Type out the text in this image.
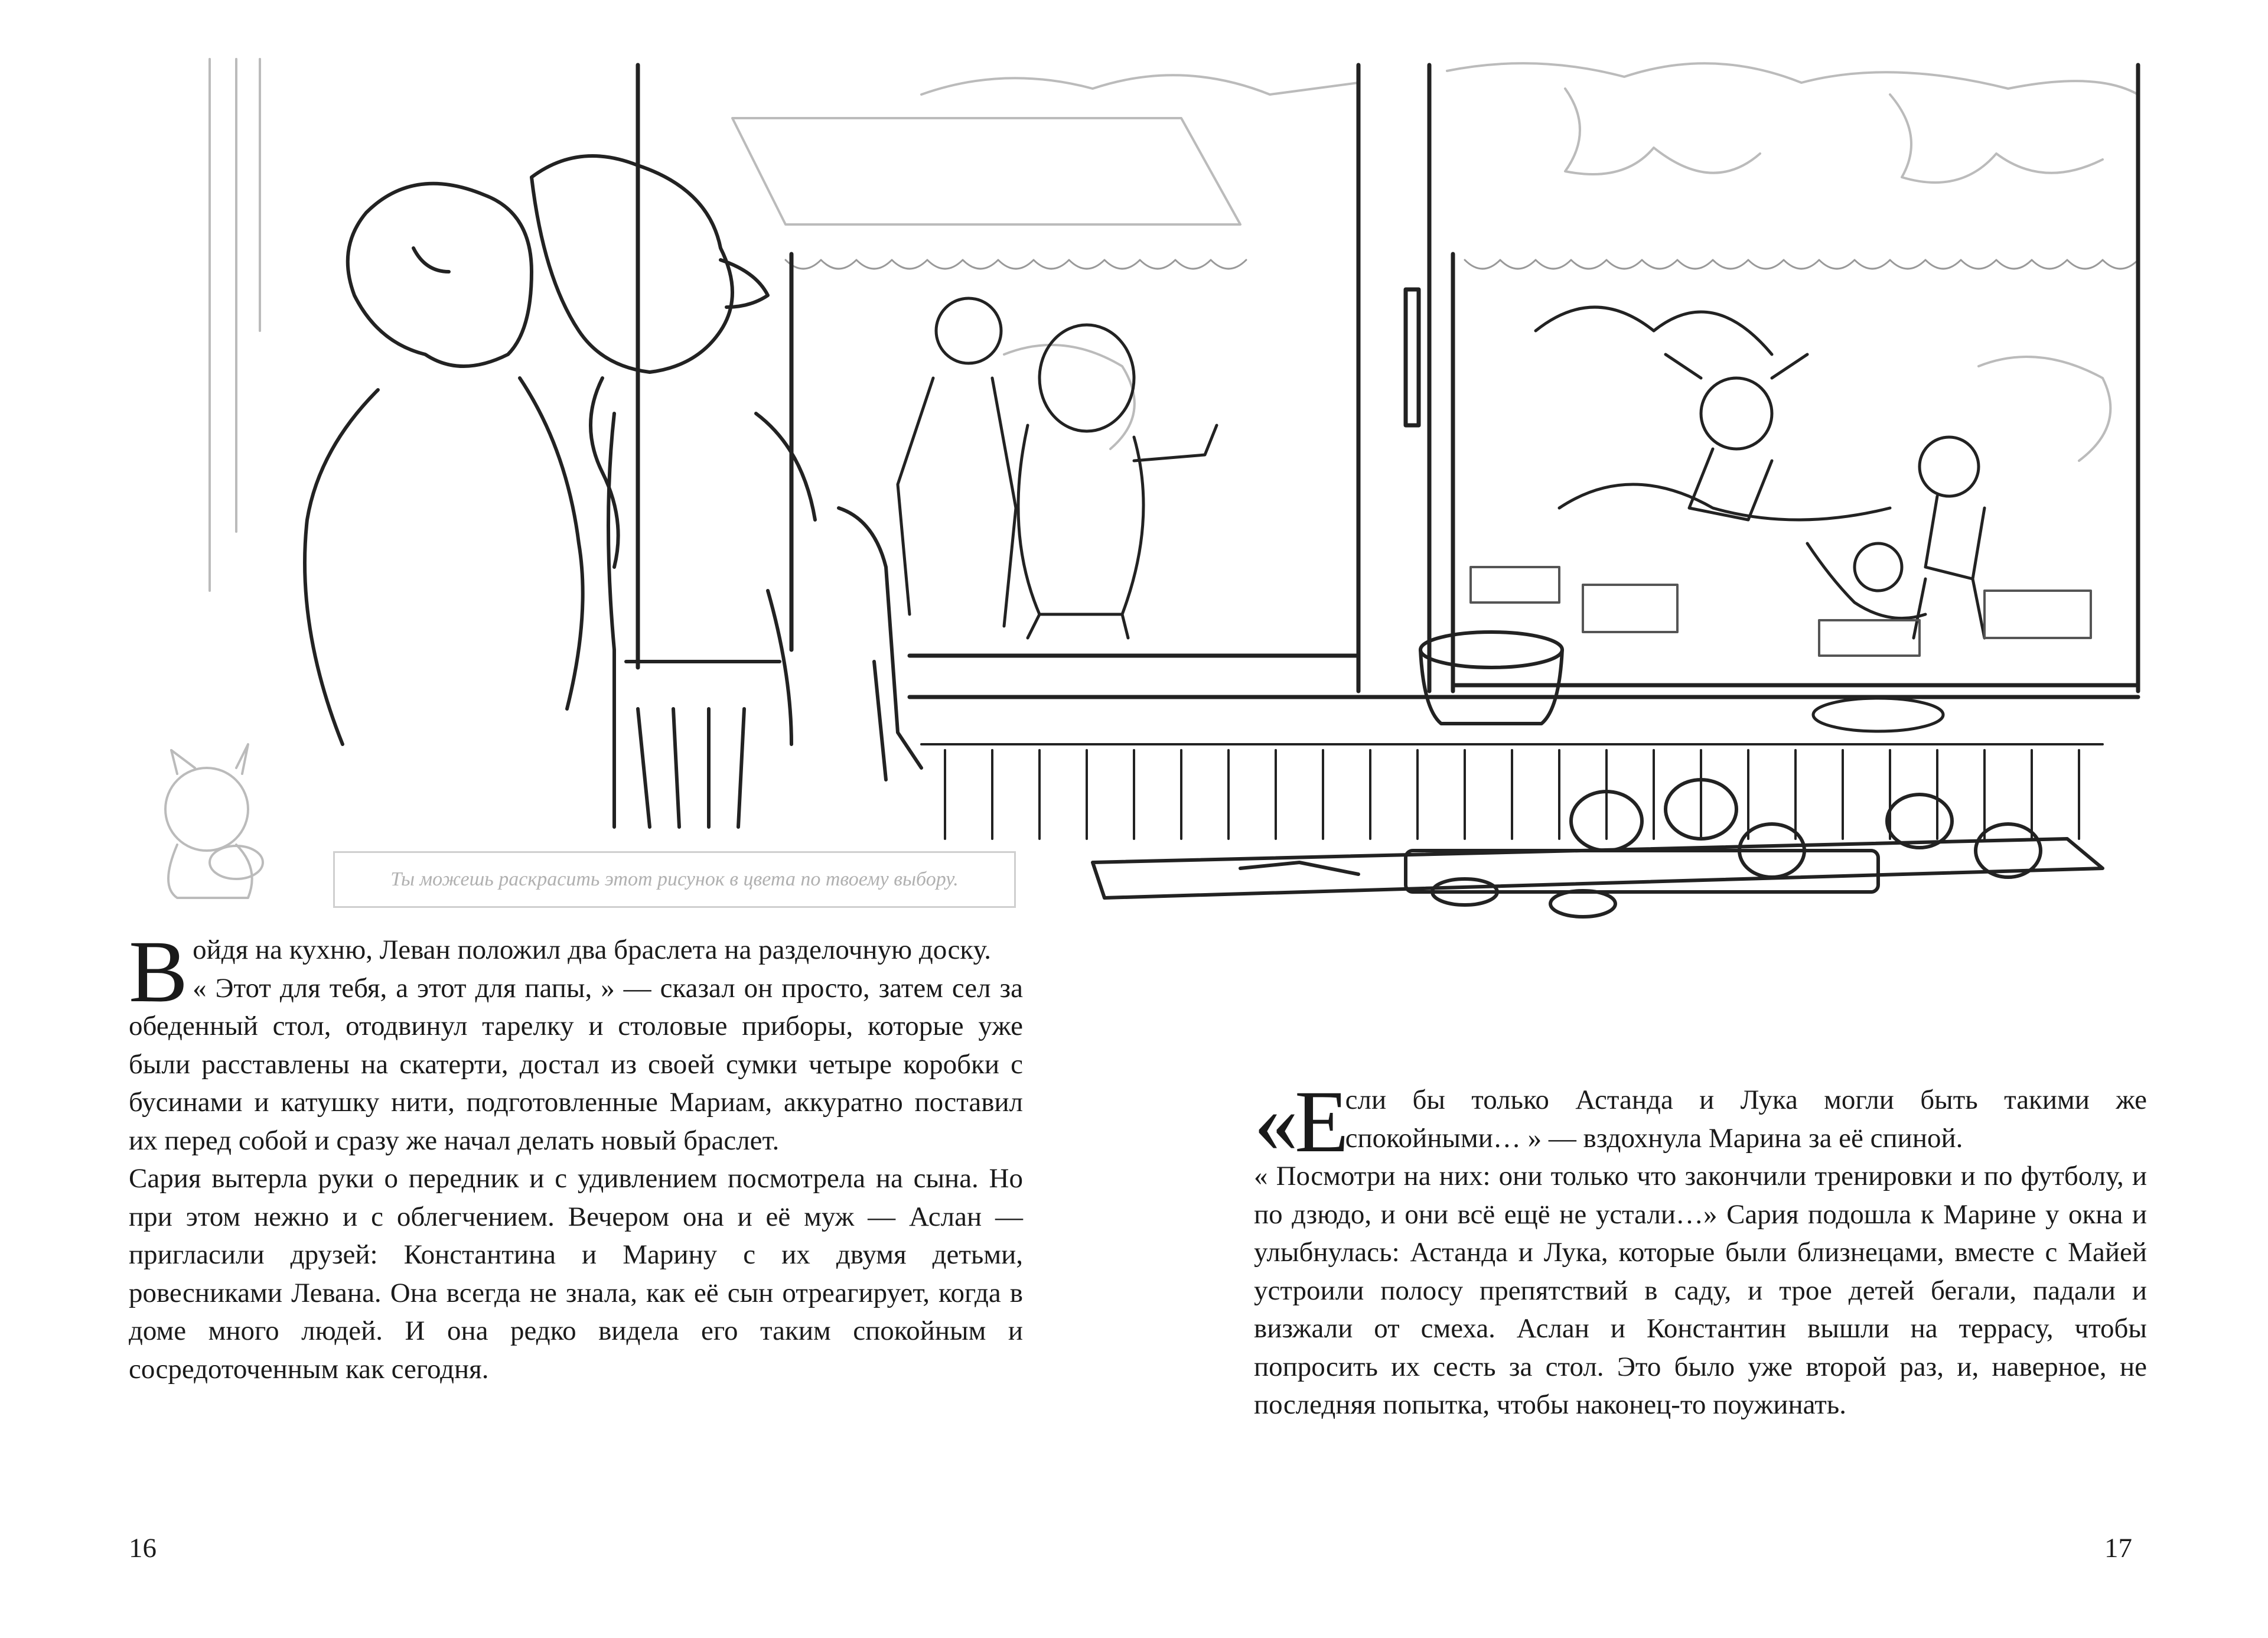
Ты можешь раскрасить этот рисунок в цвета по твоему выбору.

Войдя на кухню, Леван положил два браслета на разделочную доску.

« Этот для тебя, а этот для папы, » — сказал он просто, затем сел за обеденный стол, отодвинул тарелку и столовые приборы, которые уже были расставлены на скатерти, достал из своей сумки четыре коробки с бусинами и катушку нити, подготовленные Мариам, аккуратно поставил их перед собой и сразу же начал делать новый браслет.

Сария вытерла руки о передник и с удивлением посмотрела на сына. Но при этом нежно и с облегчением. Вечером она и её муж — Аслан — пригласили друзей: Константина и Марину с их двумя детьми, ровесниками Левана. Она всегда не знала, как её сын отреагирует, когда в доме много людей. И она редко видела его таким спокойным и сосредоточенным как сегодня.

«Если бы только Астанда и Лука могли быть такими же спокойными… » — вздохнула Марина за её спиной.

« Посмотри на них: они только что закончили тренировки и по футболу, и по дзюдо, и они всё ещё не устали…» Сария подошла к Марине у окна и улыбнулась: Астанда и Лука, которые были близнецами, вместе с Майей устроили полосу препятствий в саду, и трое детей бегали, падали и визжали от смеха. Аслан и Константин вышли на террасу, чтобы попросить их сесть за стол. Это было уже второй раз, и, наверное, не последняя попытка, чтобы наконец-то поужинать.

16	17
